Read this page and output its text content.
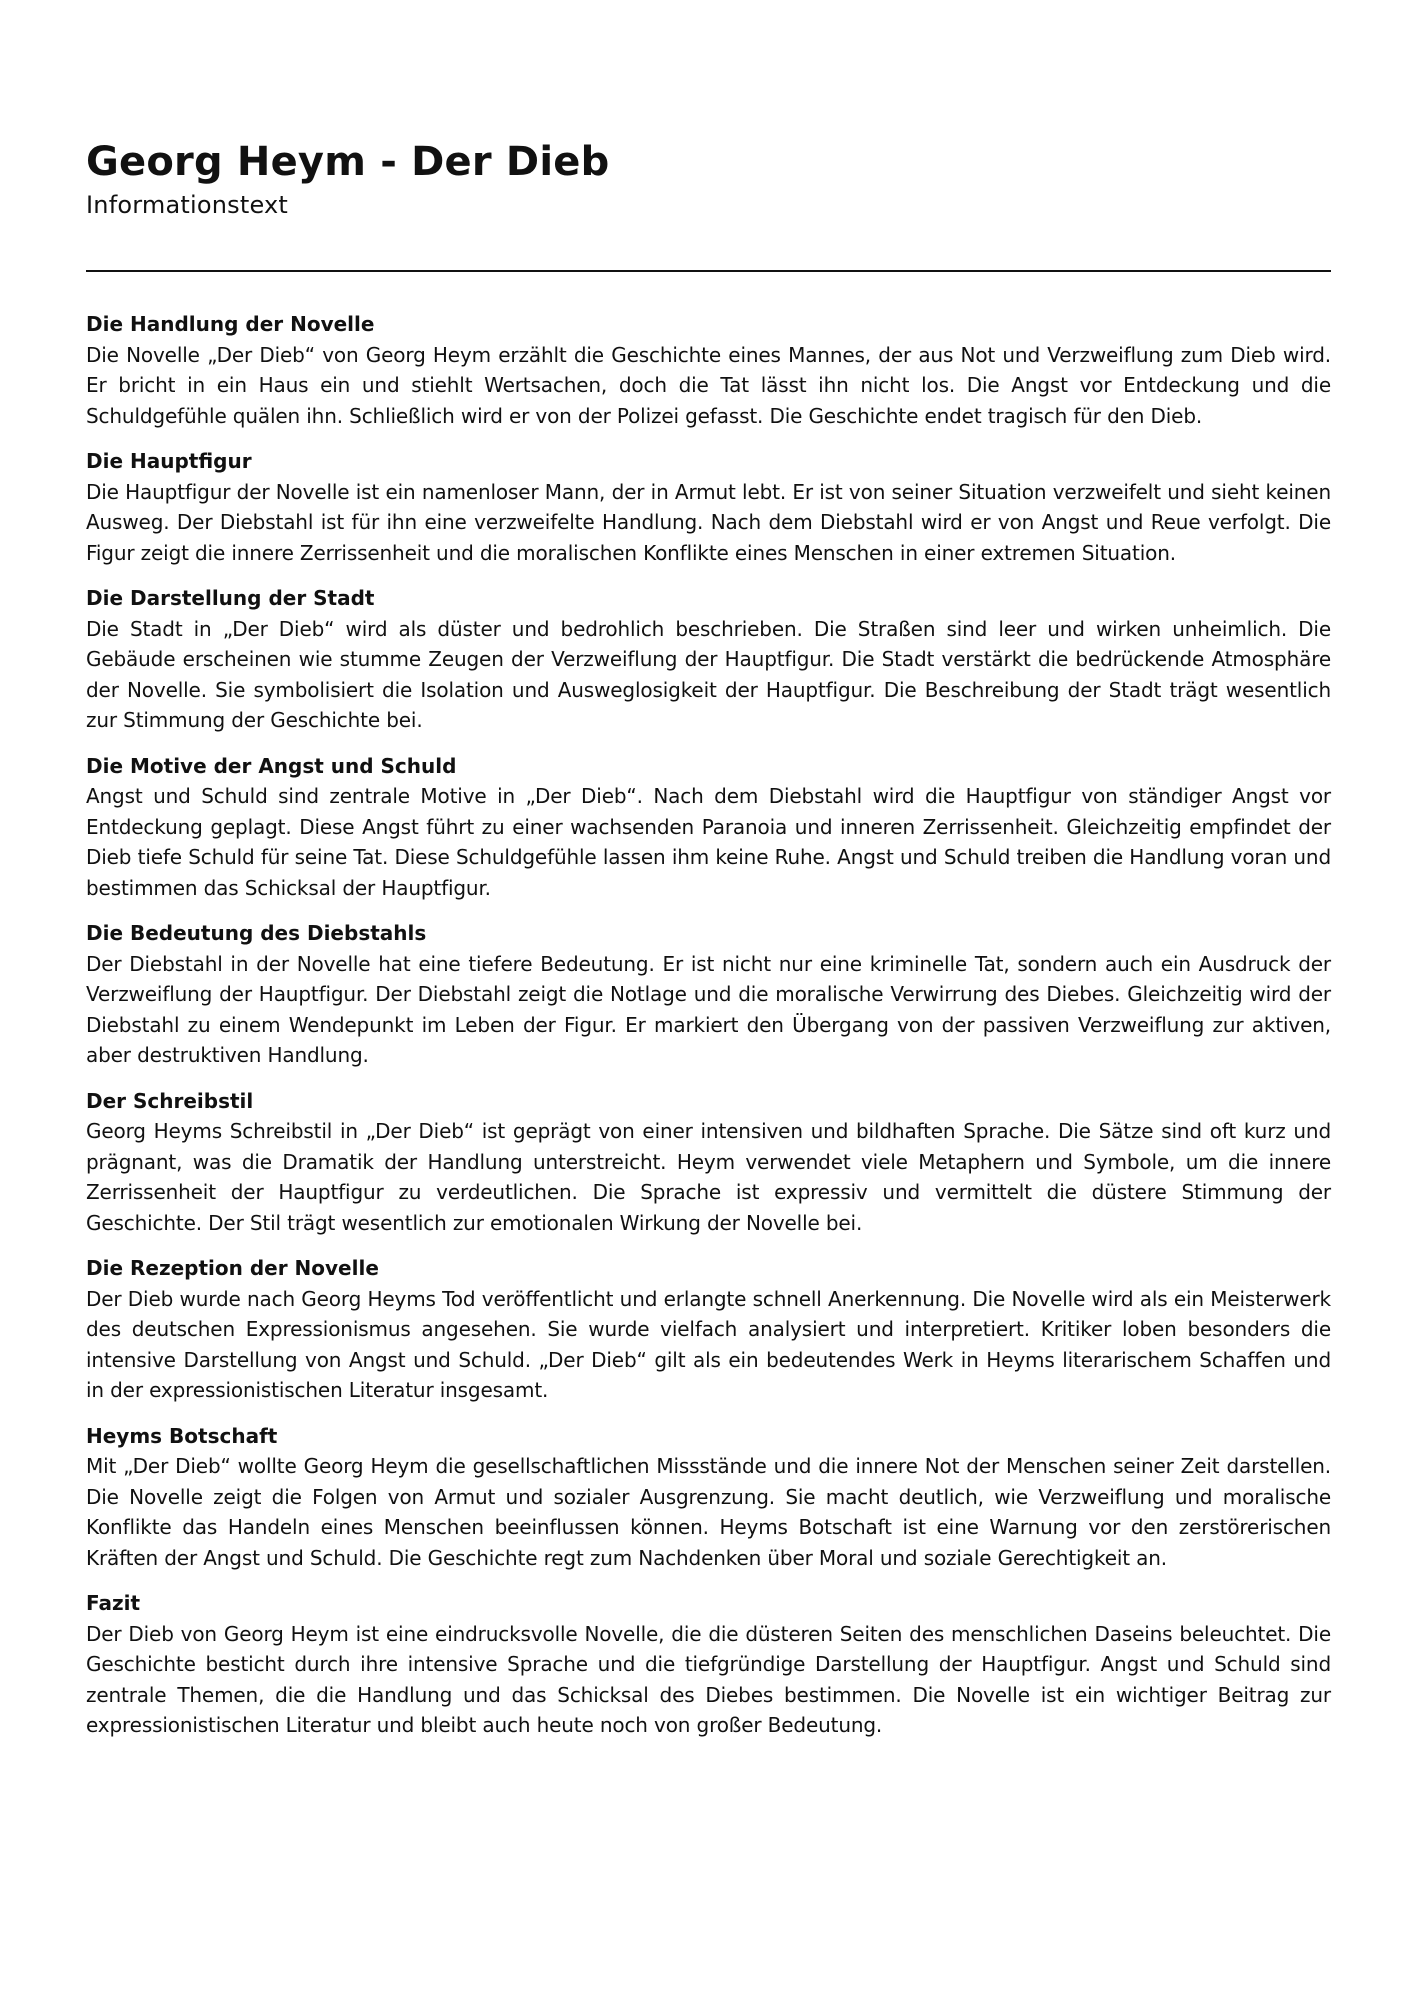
Georg Heym - Der Dieb
Informationstext
Die Handlung der Novelle

Die Novelle „Der Dieb“ von Georg Heym erzählt die Geschichte eines Mannes, der aus Not und Verzweiflung zum Dieb wird. Er bricht in ein Haus ein und stiehlt Wertsachen, doch die Tat lässt ihn nicht los. Die Angst vor Entdeckung und die Schuldgefühle quälen ihn. Schließlich wird er von der Polizei gefasst. Die Geschichte endet tragisch für den Dieb.

Die Hauptfigur

Die Hauptfigur der Novelle ist ein namenloser Mann, der in Armut lebt. Er ist von seiner Situation verzweifelt und sieht keinen Ausweg. Der Diebstahl ist für ihn eine verzweifelte Handlung. Nach dem Diebstahl wird er von Angst und Reue verfolgt. Die Figur zeigt die innere Zerrissenheit und die moralischen Konflikte eines Menschen in einer extremen Situation.

Die Darstellung der Stadt

Die Stadt in „Der Dieb“ wird als düster und bedrohlich beschrieben. Die Straßen sind leer und wirken unheimlich. Die Gebäude erscheinen wie stumme Zeugen der Verzweiflung der Hauptfigur. Die Stadt verstärkt die bedrückende Atmosphäre der Novelle. Sie symbolisiert die Isolation und Ausweglosigkeit der Hauptfigur. Die Beschreibung der Stadt trägt wesentlich zur Stimmung der Geschichte bei.

Die Motive der Angst und Schuld

Angst und Schuld sind zentrale Motive in „Der Dieb“. Nach dem Diebstahl wird die Hauptfigur von ständiger Angst vor Entdeckung geplagt. Diese Angst führt zu einer wachsenden Paranoia und inneren Zerrissenheit. Gleichzeitig empfindet der Dieb tiefe Schuld für seine Tat. Diese Schuldgefühle lassen ihm keine Ruhe. Angst und Schuld treiben die Handlung voran und bestimmen das Schicksal der Hauptfigur.

Die Bedeutung des Diebstahls

Der Diebstahl in der Novelle hat eine tiefere Bedeutung. Er ist nicht nur eine kriminelle Tat, sondern auch ein Ausdruck der Verzweiflung der Hauptfigur. Der Diebstahl zeigt die Notlage und die moralische Verwirrung des Diebes. Gleichzeitig wird der Diebstahl zu einem Wendepunkt im Leben der Figur. Er markiert den Übergang von der passiven Verzweiflung zur aktiven, aber destruktiven Handlung.

Der Schreibstil

Georg Heyms Schreibstil in „Der Dieb“ ist geprägt von einer intensiven und bildhaften Sprache. Die Sätze sind oft kurz und prägnant, was die Dramatik der Handlung unterstreicht. Heym verwendet viele Metaphern und Symbole, um die innere Zerrissenheit der Hauptfigur zu verdeutlichen. Die Sprache ist expressiv und vermittelt die düstere Stimmung der Geschichte. Der Stil trägt wesentlich zur emotionalen Wirkung der Novelle bei.

Die Rezeption der Novelle

Der Dieb wurde nach Georg Heyms Tod veröffentlicht und erlangte schnell Anerkennung. Die Novelle wird als ein Meisterwerk des deutschen Expressionismus angesehen. Sie wurde vielfach analysiert und interpretiert. Kritiker loben besonders die intensive Darstellung von Angst und Schuld. „Der Dieb“ gilt als ein bedeutendes Werk in Heyms literarischem Schaffen und in der expressionistischen Literatur insgesamt.

Heyms Botschaft

Mit „Der Dieb“ wollte Georg Heym die gesellschaftlichen Missstände und die innere Not der Menschen seiner Zeit darstellen. Die Novelle zeigt die Folgen von Armut und sozialer Ausgrenzung. Sie macht deutlich, wie Verzweiflung und moralische Konflikte das Handeln eines Menschen beeinflussen können. Heyms Botschaft ist eine Warnung vor den zerstörerischen Kräften der Angst und Schuld. Die Geschichte regt zum Nachdenken über Moral und soziale Gerechtigkeit an.

Fazit

Der Dieb von Georg Heym ist eine eindrucksvolle Novelle, die die düsteren Seiten des menschlichen Daseins beleuchtet. Die Geschichte besticht durch ihre intensive Sprache und die tiefgründige Darstellung der Hauptfigur. Angst und Schuld sind zentrale Themen, die die Handlung und das Schicksal des Diebes bestimmen. Die Novelle ist ein wichtiger Beitrag zur expressionistischen Literatur und bleibt auch heute noch von großer Bedeutung.
